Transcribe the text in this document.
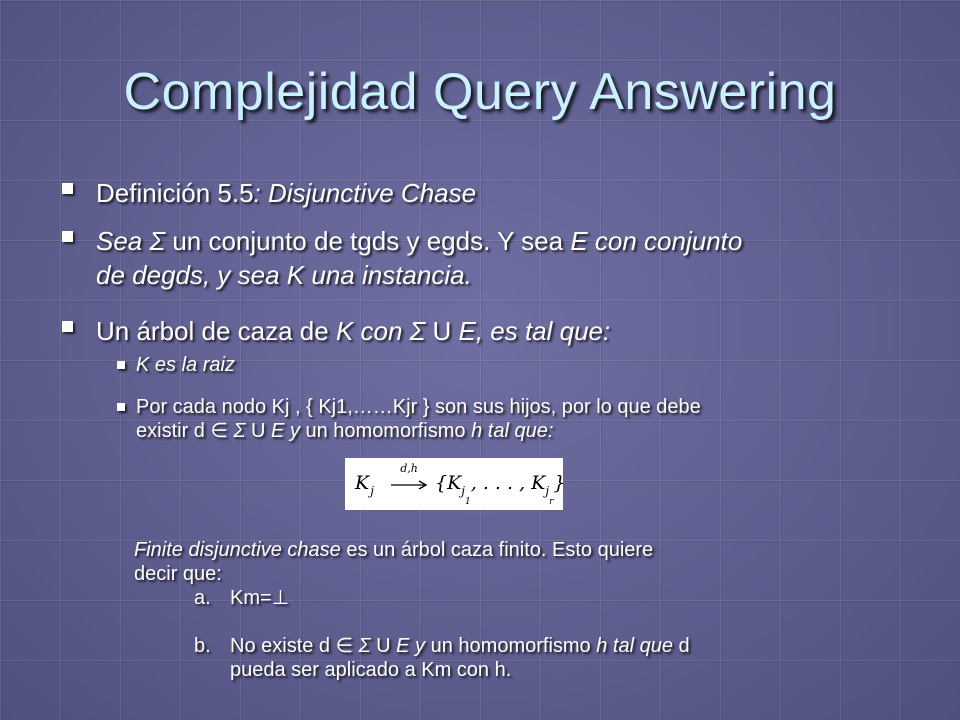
Complejidad Query Answering
Definición 5.5: Disjunctive Chase
Sea Σ un conjunto de tgds y egds. Y sea E con conjunto
de degds, y sea K una instancia.
Un árbol de caza de K con Σ U E, es tal que:
K es la raiz
Por cada nodo Kj , { Kj1,……Kjr } son sus hijos, por lo que debe
existir d ∈ Σ U E y un homomorfismo h tal que:
$K_j$
d,h
{$K_{j_1}$, . . . , $K_{j_r}$}
Finite disjunctive chase es un árbol caza finito. Esto quiere
decir que:
a. Km=⊥
b. No existe d ∈ Σ U E y un homomorfismo h tal que d
pueda ser aplicado a Km con h.
